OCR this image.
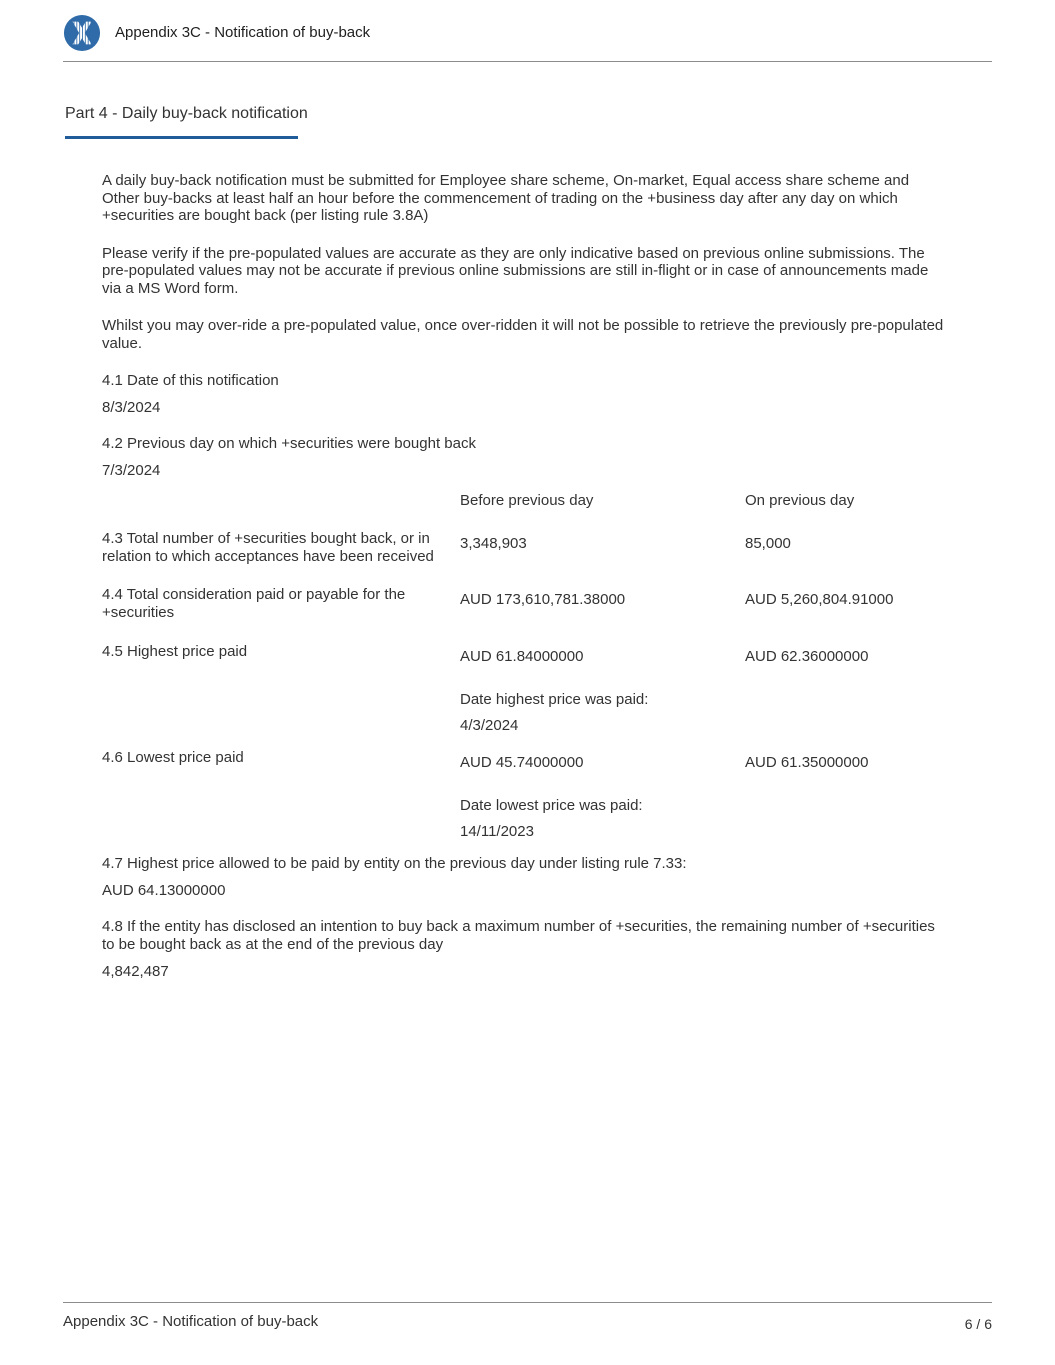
Appendix 3C - Notification of buy-back
Part 4 - Daily buy-back notification

A daily buy-back notification must be submitted for Employee share scheme, On-market, Equal access share scheme and Other buy-backs at least half an hour before the commencement of trading on the +business day after any day on which +securities are bought back (per listing rule 3.8A)

Please verify if the pre-populated values are accurate as they are only indicative based on previous online submissions. The pre-populated values may not be accurate if previous online submissions are still in-flight or in case of announcements made via a MS Word form.

Whilst you may over-ride a pre-populated value, once over-ridden it will not be possible to retrieve the previously pre-populated value.

4.1 Date of this notification
8/3/2024
4.2 Previous day on which +securities were bought back
7/3/2024
Before previous day	On previous day
4.3 Total number of +securities bought back, or in relation to which acceptances have been received
3,348,903	85,000
4.4 Total consideration paid or payable for the +securities
AUD 173,610,781.38000	AUD 5,260,804.91000
4.5 Highest price paid	AUD 61.84000000	AUD 62.36000000
Date highest price was paid:
4/3/2024
4.6 Lowest price paid	AUD 45.74000000	AUD 61.35000000
Date lowest price was paid:
14/11/2023
4.7 Highest price allowed to be paid by entity on the previous day under listing rule 7.33:
AUD 64.13000000
4.8 If the entity has disclosed an intention to buy back a maximum number of +securities, the remaining number of +securities to be bought back as at the end of the previous day
4,842,487
Appendix 3C - Notification of buy-back	6 / 6
